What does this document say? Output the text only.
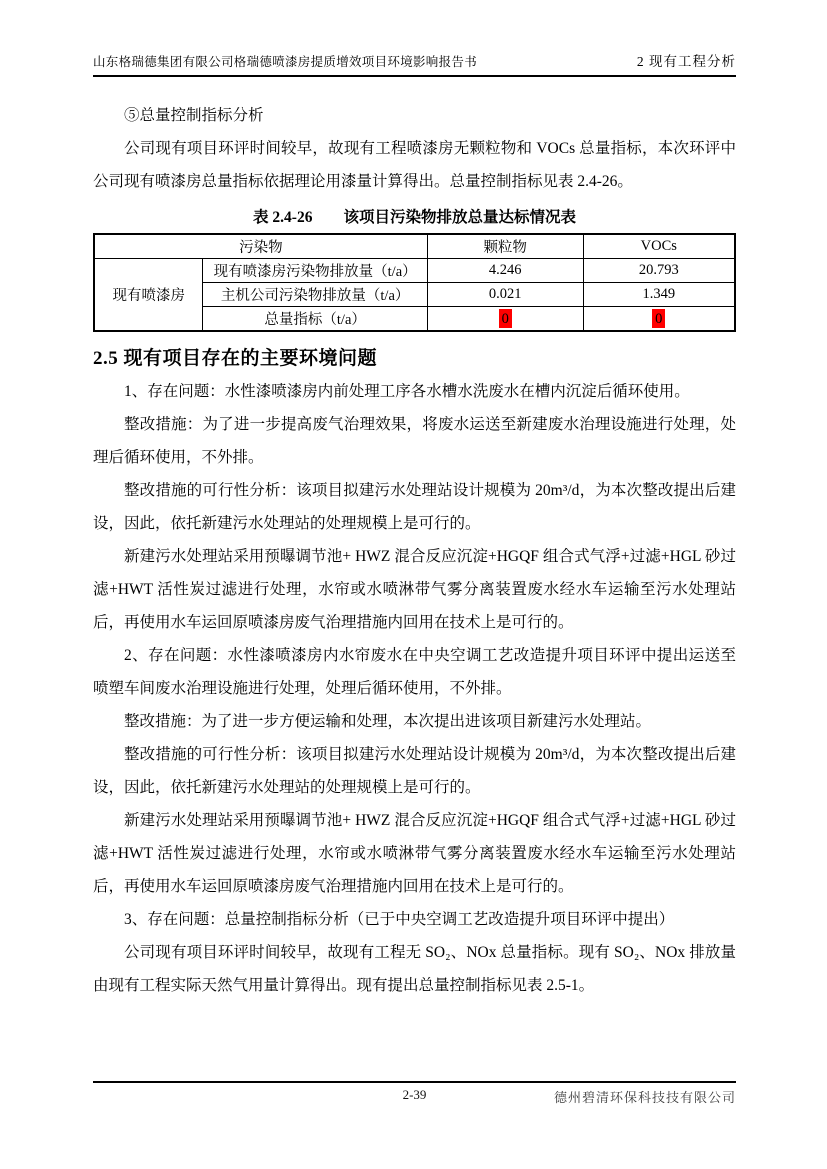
山东格瑞德集团有限公司格瑞德喷漆房提质增效项目环境影响报告书	2 现有工程分析

⑤总量控制指标分析

公司现有项目环评时间较早，故现有工程喷漆房无颗粒物和 VOCs 总量指标，本次环评中公司现有喷漆房总量指标依据理论用漆量计算得出。总量控制指标见表 2.4-26。

表 2.4-26　　该项目污染物排放总量达标情况表
污染物		颗粒物	VOCs
现有喷漆房	现有喷漆房污染物排放量（t/a）	4.246	20.793
	主机公司污染物排放量（t/a）	0.021	1.349
	总量指标（t/a）	0	0
2.5 现有项目存在的主要环境问题

1、存在问题：水性漆喷漆房内前处理工序各水槽水洗废水在槽内沉淀后循环使用。

整改措施：为了进一步提高废气治理效果，将废水运送至新建废水治理设施进行处理，处理后循环使用，不外排。

整改措施的可行性分析：该项目拟建污水处理站设计规模为 20m³/d，为本次整改提出后建设，因此，依托新建污水处理站的处理规模上是可行的。

新建污水处理站采用预曝调节池+ HWZ 混合反应沉淀+HGQF 组合式气浮+过滤+HGL 砂过滤+HWT 活性炭过滤进行处理，水帘或水喷淋带气雾分离装置废水经水车运输至污水处理站后，再使用水车运回原喷漆房废气治理措施内回用在技术上是可行的。

2、存在问题：水性漆喷漆房内水帘废水在中央空调工艺改造提升项目环评中提出运送至喷塑车间废水治理设施进行处理，处理后循环使用，不外排。

整改措施：为了进一步方便运输和处理，本次提出进该项目新建污水处理站。

整改措施的可行性分析：该项目拟建污水处理站设计规模为 20m³/d，为本次整改提出后建设，因此，依托新建污水处理站的处理规模上是可行的。

新建污水处理站采用预曝调节池+ HWZ 混合反应沉淀+HGQF 组合式气浮+过滤+HGL 砂过滤+HWT 活性炭过滤进行处理，水帘或水喷淋带气雾分离装置废水经水车运输至污水处理站后，再使用水车运回原喷漆房废气治理措施内回用在技术上是可行的。

3、存在问题：总量控制指标分析（已于中央空调工艺改造提升项目环评中提出）

公司现有项目环评时间较早，故现有工程无 SO₂、NOx 总量指标。现有 SO₂、NOx 排放量由现有工程实际天然气用量计算得出。现有提出总量控制指标见表 2.5-1。

2-39	德州碧清环保科技技有限公司
